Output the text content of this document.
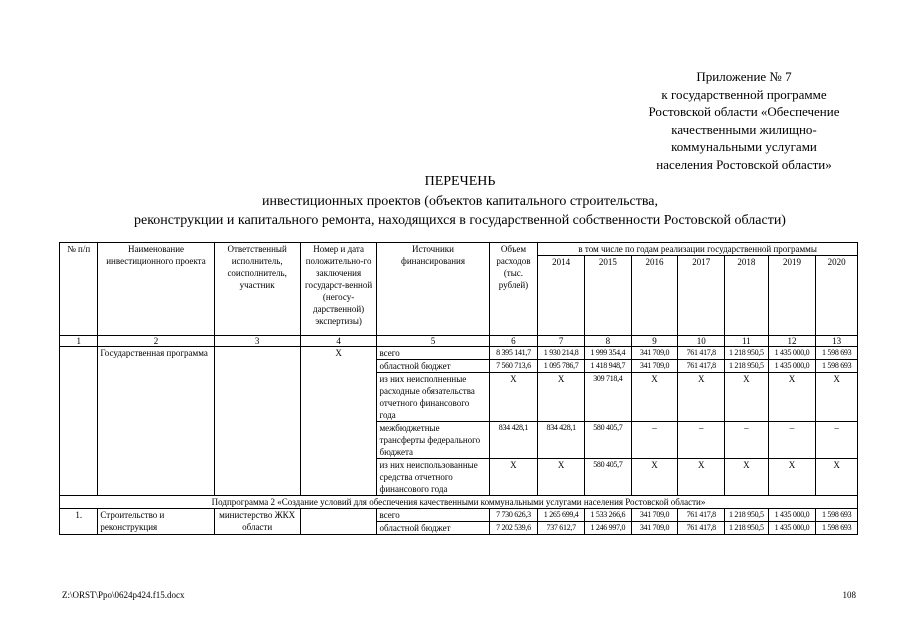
Приложение № 7
к государственной программе
Ростовской области «Обеспечение
качественными жилищно-
коммунальными услугами
населения Ростовской области»
ПЕРЕЧЕНЬ
инвестиционных проектов (объектов капитального строительства,
реконструкции и капитального ремонта, находящихся в государственной собственности Ростовской области)
№ п/п	Наименование инвестиционного проекта	Ответственный исполнитель, соисполнитель, участник	Номер и дата положительно-го заключения государст-венной (негосу-дарственной) экспертизы)	Источники финансирования	Объем расходов (тыс. рублей)	в том числе по годам реализации государственной программы						
						2014	2015	2016	2017	2018	2019	2020
1	2	3	4	5	6	7	8	9	10	11	12	13
	Государственная программа		Х	всего	8 395 141,7	1 930 214,8	1 999 354,4	341 709,0	761 417,8	1 218 950,5	1 435 000,0	1 598 693
				областной бюджет	7 560 713,6	1 095 786,7	1 418 948,7	341 709,0	761 417,8	1 218 950,5	1 435 000,0	1 598 693
				из них неисполненные расходные обязательства отчетного финансового года	Х	Х	309 718,4	Х	Х	Х	Х	Х
				межбюджетные трансферты федерального бюджета	834 428,1	834 428,1	580 405,7	–	–	–	–	–
				из них неиспользованные средства отчетного финансового года	Х	Х	580 405,7	Х	Х	Х	Х	Х
Подпрограмма 2 «Создание условий для обеспечения качественными коммунальными услугами населения Ростовской области»												
1.	Строительство и реконструкция	министерство ЖКХ области		всего	7 730 626,3	1 265 699,4	1 533 266,6	341 709,0	761 417,8	1 218 950,5	1 435 000,0	1 598 693
				областной бюджет	7 202 539,6	737 612,7	1 246 997,0	341 709,0	761 417,8	1 218 950,5	1 435 000,0	1 598 693
Z:\ORST\Ppo\0624p424.f15.docx	108
